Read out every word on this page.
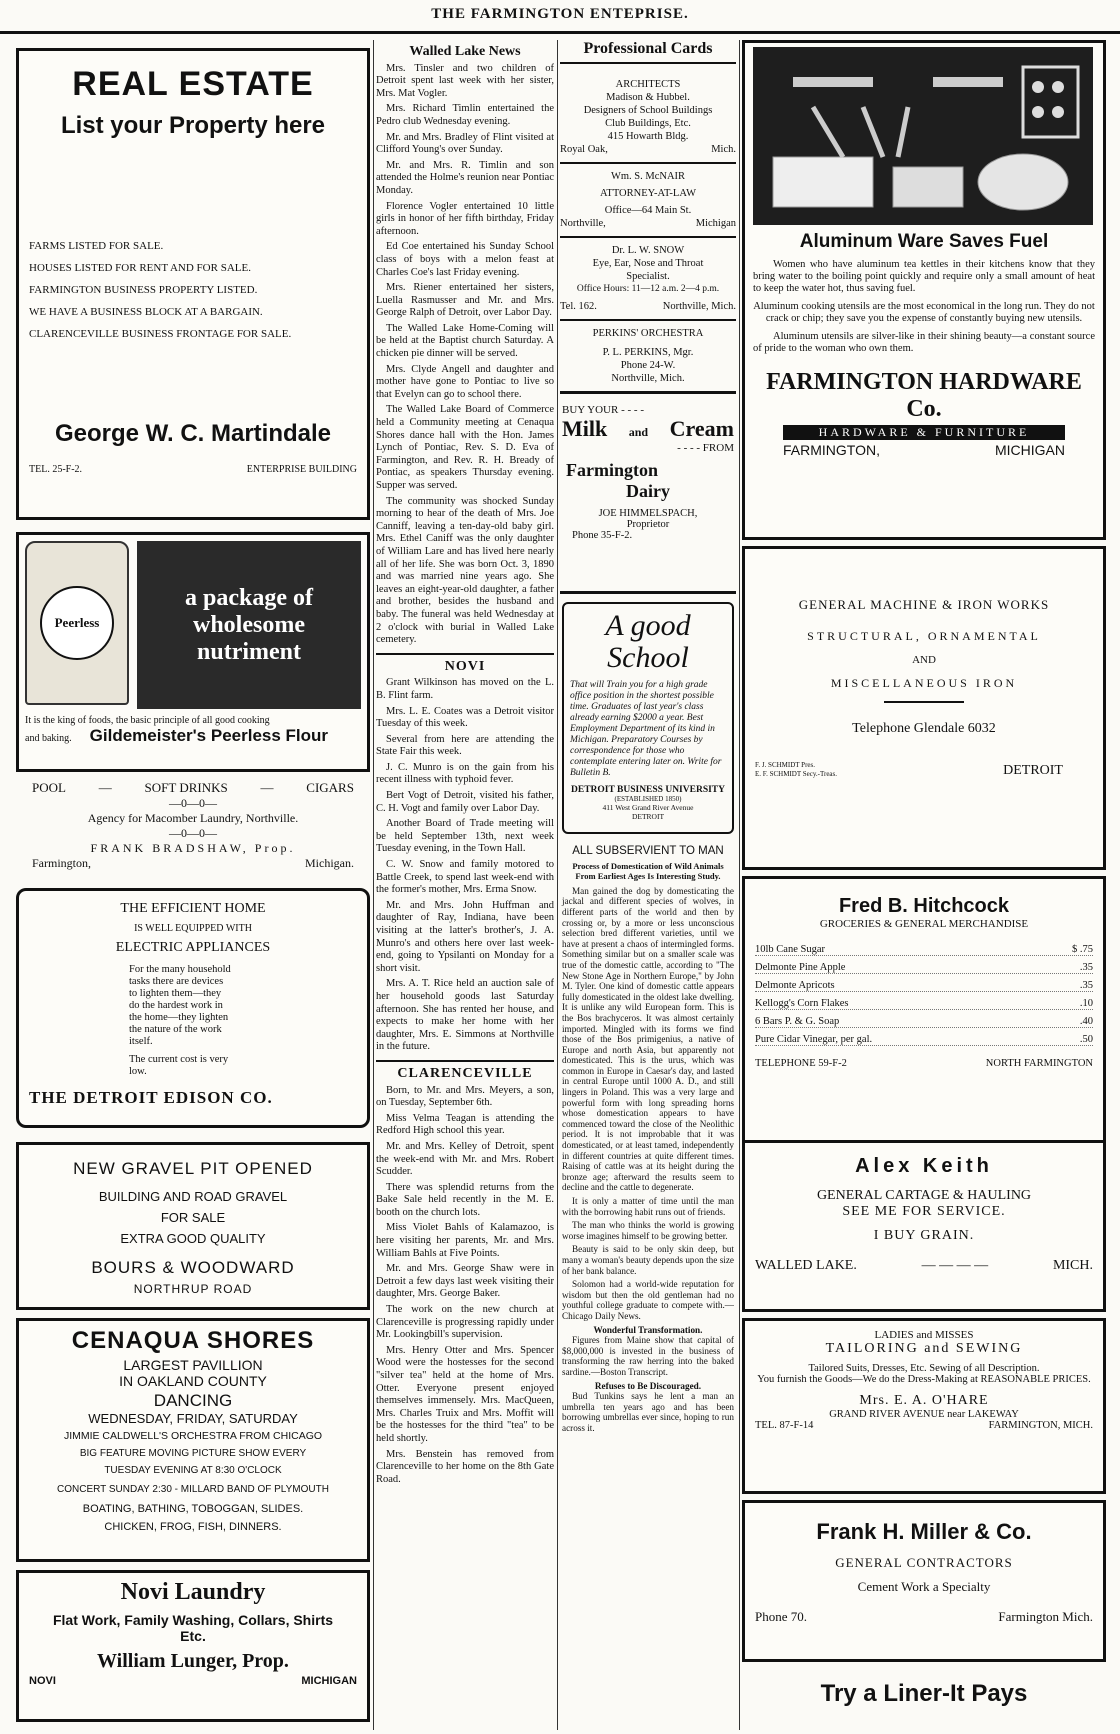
THE FARMINGTON ENTEPRISE.
REAL ESTATE
List your Property here
FARMS LISTED FOR SALE.
HOUSES LISTED FOR RENT AND FOR SALE.
FARMINGTON BUSINESS PROPERTY LISTED.
WE HAVE A BUSINESS BLOCK AT A BARGAIN.
CLARENCEVILLE BUSINESS FRONTAGE FOR SALE.
George W. C. Martindale
TEL. 25-F-2.	ENTERPRISE BUILDING
Peerless
a package of
wholesome
nutriment
It is the king of foods, the basic principle of all good cooking
and baking. Gildemeister's Peerless Flour
POOL	—	SOFT DRINKS	—	CIGARS
—0—0—
Agency for Macomber Laundry, Northville.
—0—0—
FRANK BRADSHAW, Prop.
Farmington,	Michigan.
THE EFFICIENT HOME
IS WELL EQUIPPED WITH
ELECTRIC APPLIANCES
For the many household
tasks there are devices
to lighten them—they
do the hardest work in
the home—they lighten
the nature of the work
itself.
The current cost is very
low.
THE DETROIT EDISON CO.
NEW GRAVEL PIT OPENED
BUILDING AND ROAD GRAVEL
FOR SALE
EXTRA GOOD QUALITY
BOURS & WOODWARD
NORTHRUP ROAD
CENAQUA SHORES
LARGEST PAVILLION
IN OAKLAND COUNTY
DANCING
WEDNESDAY, FRIDAY, SATURDAY
JIMMIE CALDWELL'S ORCHESTRA FROM CHICAGO
BIG FEATURE MOVING PICTURE SHOW EVERY
TUESDAY EVENING AT 8:30 O'CLOCK
CONCERT SUNDAY 2:30 - MILLARD BAND OF PLYMOUTH
BOATING, BATHING, TOBOGGAN, SLIDES.
CHICKEN, FROG, FISH, DINNERS.
Novi Laundry
Flat Work, Family Washing, Collars, Shirts
Etc.
William Lunger, Prop.
NOVI	MICHIGAN
Walled Lake News

Mrs. Tinsler and two children of Detroit spent last week with her sister, Mrs. Mat Vogler.

Mrs. Richard Timlin entertained the Pedro club Wednesday evening.

Mr. and Mrs. Bradley of Flint visited at Clifford Young's over Sunday.

Mr. and Mrs. R. Timlin and son attended the Holme's reunion near Pontiac Monday.

Florence Vogler entertained 10 little girls in honor of her fifth birthday, Friday afternoon.

Ed Coe entertained his Sunday School class of boys with a melon feast at Charles Coe's last Friday evening.

Mrs. Riener entertained her sisters, Luella Rasmusser and Mr. and Mrs. George Ralph of Detroit, over Labor Day.

The Walled Lake Home-Coming will be held at the Baptist church Saturday. A chicken pie dinner will be served.

Mrs. Clyde Angell and daughter and mother have gone to Pontiac to live so that Evelyn can go to school there.

The Walled Lake Board of Commerce held a Community meeting at Cenaqua Shores dance hall with the Hon. James Lynch of Pontiac, Rev. S. D. Eva of Farmington, and Rev. R. H. Bready of Pontiac, as speakers Thursday evening. Supper was served.

The community was shocked Sunday morning to hear of the death of Mrs. Joe Canniff, leaving a ten-day-old baby girl. Mrs. Ethel Caniff was the only daughter of William Lare and has lived here nearly all of her life. She was born Oct. 3, 1890 and was married nine years ago. She leaves an eight-year-old daughter, a father and brother, besides the husband and baby. The funeral was held Wednesday at 2 o'clock with burial in Walled Lake cemetery.

NOVI

Grant Wilkinson has moved on the L. B. Flint farm.

Mrs. L. E. Coates was a Detroit visitor Tuesday of this week.

Several from here are attending the State Fair this week.

J. C. Munro is on the gain from his recent illness with typhoid fever.

Bert Vogt of Detroit, visited his father, C. H. Vogt and family over Labor Day.

Another Board of Trade meeting will be held September 13th, next week Tuesday evening, in the Town Hall.

C. W. Snow and family motored to Battle Creek, to spend last week-end with the former's mother, Mrs. Erma Snow.

Mr. and Mrs. John Huffman and daughter of Ray, Indiana, have been visiting at the latter's brother's, J. A. Munro's and others here over last week-end, going to Ypsilanti on Monday for a short visit.

Mrs. A. T. Rice held an auction sale of her household goods last Saturday afternoon. She has rented her house, and expects to make her home with her daughter, Mrs. E. Simmons at Northville in the future.

CLARENCEVILLE

Born, to Mr. and Mrs. Meyers, a son, on Tuesday, September 6th.

Miss Velma Teagan is attending the Redford High school this year.

Mr. and Mrs. Kelley of Detroit, spent the week-end with Mr. and Mrs. Robert Scudder.

There was splendid returns from the Bake Sale held recently in the M. E. booth on the church lots.

Miss Violet Bahls of Kalamazoo, is here visiting her parents, Mr. and Mrs. William Bahls at Five Points.

Mr. and Mrs. George Shaw were in Detroit a few days last week visiting their daughter, Mrs. George Baker.

The work on the new church at Clarenceville is progressing rapidly under Mr. Lookingbill's supervision.

Mrs. Henry Otter and Mrs. Spencer Wood were the hostesses for the second "silver tea" held at the home of Mrs. Otter. Everyone present enjoyed themselves immensely. Mrs. MacQueen, Mrs. Charles Truix and Mrs. Moffit will be the hostesses for the third "tea" to be held shortly.

Mrs. Benstein has removed from Clarenceville to her home on the 8th Gate Road.

Professional Cards
ARCHITECTS
Madison & Hubbel.
Designers of School Buildings
Club Buildings, Etc.
415 Howarth Bldg.
Royal Oak,	Mich.
Wm. S. McNAIR
ATTORNEY-AT-LAW
Office—64 Main St.
Northville,	Michigan
Dr. L. W. SNOW
Eye, Ear, Nose and Throat
Specialist.
Office Hours: 11—12 a.m. 2—4 p.m.
Tel. 162.	Northville, Mich.
PERKINS' ORCHESTRA
P. L. PERKINS, Mgr.
Phone 24-W.
Northville, Mich.
BUY YOUR - - - -
Milk and Cream
- - - - FROM
Farmington
Dairy
JOE HIMMELSPACH,
Proprietor
Phone 35-F-2.
A good School
That will Train you for a high grade office position in the shortest possible time. Graduates of last year's class already earning $2000 a year. Best Employment Department of its kind in Michigan. Preparatory Courses by correspondence for those who contemplate entering later on. Write for Bulletin B.
DETROIT BUSINESS UNIVERSITY
(ESTABLISHED 1850)
411 West Grand River Avenue
DETROIT
ALL SUBSERVIENT TO MAN
Process of Domestication of Wild Animals From Earliest Ages Is Interesting Study.

Man gained the dog by domesticating the jackal and different species of wolves, in different parts of the world and then by crossing or, by a more or less unconscious selection bred different varieties, until we have at present a chaos of intermingled forms. Something similar but on a smaller scale was true of the domestic cattle, according to "The New Stone Age in Northern Europe," by John M. Tyler. One kind of domestic cattle appears fully domesticated in the oldest lake dwelling. It is unlike any wild European form. This is the Bos brachyceros. It was almost certainly imported. Mingled with its forms we find those of the Bos primigenius, a native of Europe and north Asia, but apparently not domesticated. This is the urus, which was common in Europe in Caesar's day, and lasted in central Europe until 1000 A. D., and still lingers in Poland. This was a very large and powerful form with long spreading horns whose domestication appears to have commenced toward the close of the Neolithic period. It is not improbable that it was domesticated, or at least tamed, independently in different countries at quite different times. Raising of cattle was at its height during the bronze age; afterward the results seem to decline and the cattle to degenerate.

It is only a matter of time until the man with the borrowing habit runs out of friends.

The man who thinks the world is growing worse imagines himself to be growing better.

Beauty is said to be only skin deep, but many a woman's beauty depends upon the size of her bank balance.

Solomon had a world-wide reputation for wisdom but then the old gentleman had no youthful college graduate to compete with.—Chicago Daily News.

Wonderful Transformation.

Figures from Maine show that capital of $8,000,000 is invested in the business of transforming the raw herring into the baked sardine.—Boston Transcript.

Refuses to Be Discouraged.

Bud Tunkins says he lent a man an umbrella ten years ago and has been borrowing umbrellas ever since, hoping to run across it.

Aluminum Ware Saves Fuel
Women who have aluminum tea kettles in their kitchens know that they bring water to the boiling point quickly and require only a small amount of heat to keep the water hot, thus saving fuel.
Aluminum cooking utensils are the most economical in the long run. They do not crack or chip; they save you the expense of constantly buying new utensils.
Aluminum utensils are silver-like in their shining beauty—a constant source of pride to the woman who own them.
FARMINGTON HARDWARE Co.
HARDWARE & FURNITURE
FARMINGTON,	MICHIGAN
GENERAL MACHINE & IRON WORKS
STRUCTURAL, ORNAMENTAL
AND
MISCELLANEOUS IRON
Telephone Glendale 6032
F. J. SCHMIDT Pres.
E. F. SCHMIDT Secy.-Treas.	DETROIT
Fred B. Hitchcock
GROCERIES & GENERAL MERCHANDISE
10lb Cane Sugar	$ .75
Delmonte Pine Apple	.35
Delmonte Apricots	.35
Kellogg's Corn Flakes	.10
6 Bars P. & G. Soap	.40
Pure Cidar Vinegar, per gal.	.50
TELEPHONE 59-F-2	NORTH FARMINGTON
Alex Keith
GENERAL CARTAGE & HAULING
SEE ME FOR SERVICE.
I BUY GRAIN.
WALLED LAKE.	— — — —	MICH.
LADIES and MISSES
TAILORING and SEWING
Tailored Suits, Dresses, Etc. Sewing of all Description.
You furnish the Goods—We do the Dress-Making at REASONABLE PRICES.
Mrs. E. A. O'HARE
GRAND RIVER AVENUE near LAKEWAY
TEL. 87-F-14	FARMINGTON, MICH.
Frank H. Miller & Co.
GENERAL CONTRACTORS
Cement Work a Specialty
Phone 70.	Farmington Mich.
Try a Liner-It Pays
